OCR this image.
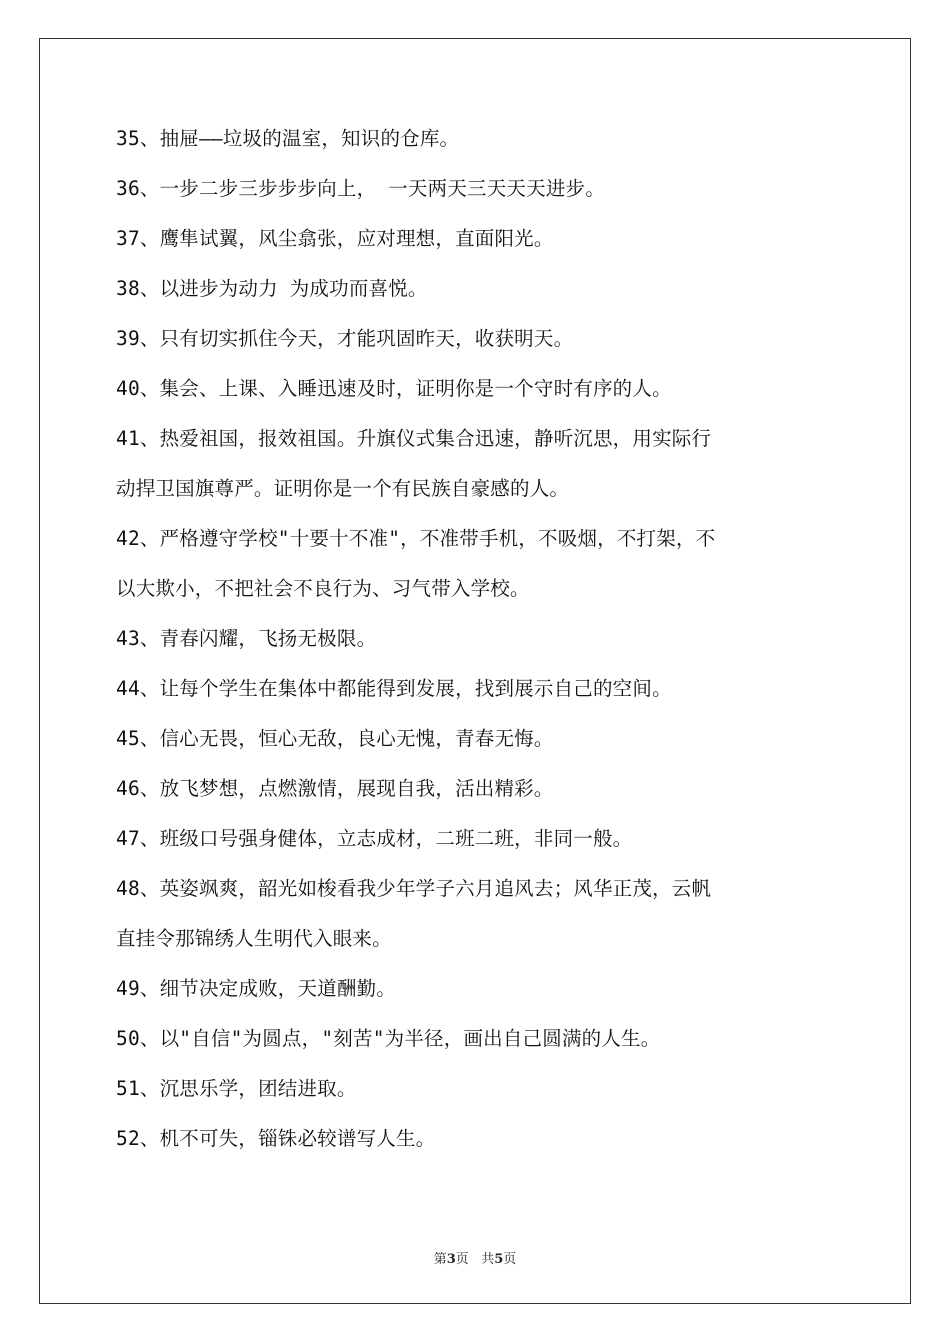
35、抽屉——垃圾的温室，知识的仓库。
36、一步二步三步步步向上， 一天两天三天天天进步。
37、鹰隼试翼，风尘翕张，应对理想，直面阳光。
38、以进步为动力 为成功而喜悦。
39、只有切实抓住今天，才能巩固昨天，收获明天。
40、集会、上课、入睡迅速及时，证明你是一个守时有序的人。
41、热爱祖国，报效祖国。升旗仪式集合迅速，静听沉思，用实际行
动捍卫国旗尊严。证明你是一个有民族自豪感的人。
42、严格遵守学校"十要十不准"，不准带手机，不吸烟，不打架，不
以大欺小，不把社会不良行为、习气带入学校。
43、青春闪耀，飞扬无极限。
44、让每个学生在集体中都能得到发展，找到展示自己的空间。
45、信心无畏，恒心无敌，良心无愧，青春无悔。
46、放飞梦想，点燃激情，展现自我，活出精彩。
47、班级口号强身健体，立志成材，二班二班，非同一般。
48、英姿飒爽，韶光如梭看我少年学子六月追风去；风华正茂，云帆
直挂令那锦绣人生明代入眼来。
49、细节决定成败，天道酬勤。
50、以"自信"为圆点，"刻苦"为半径，画出自己圆满的人生。
51、沉思乐学，团结进取。
52、机不可失，锱铢必较谱写人生。
第3页 共5页
